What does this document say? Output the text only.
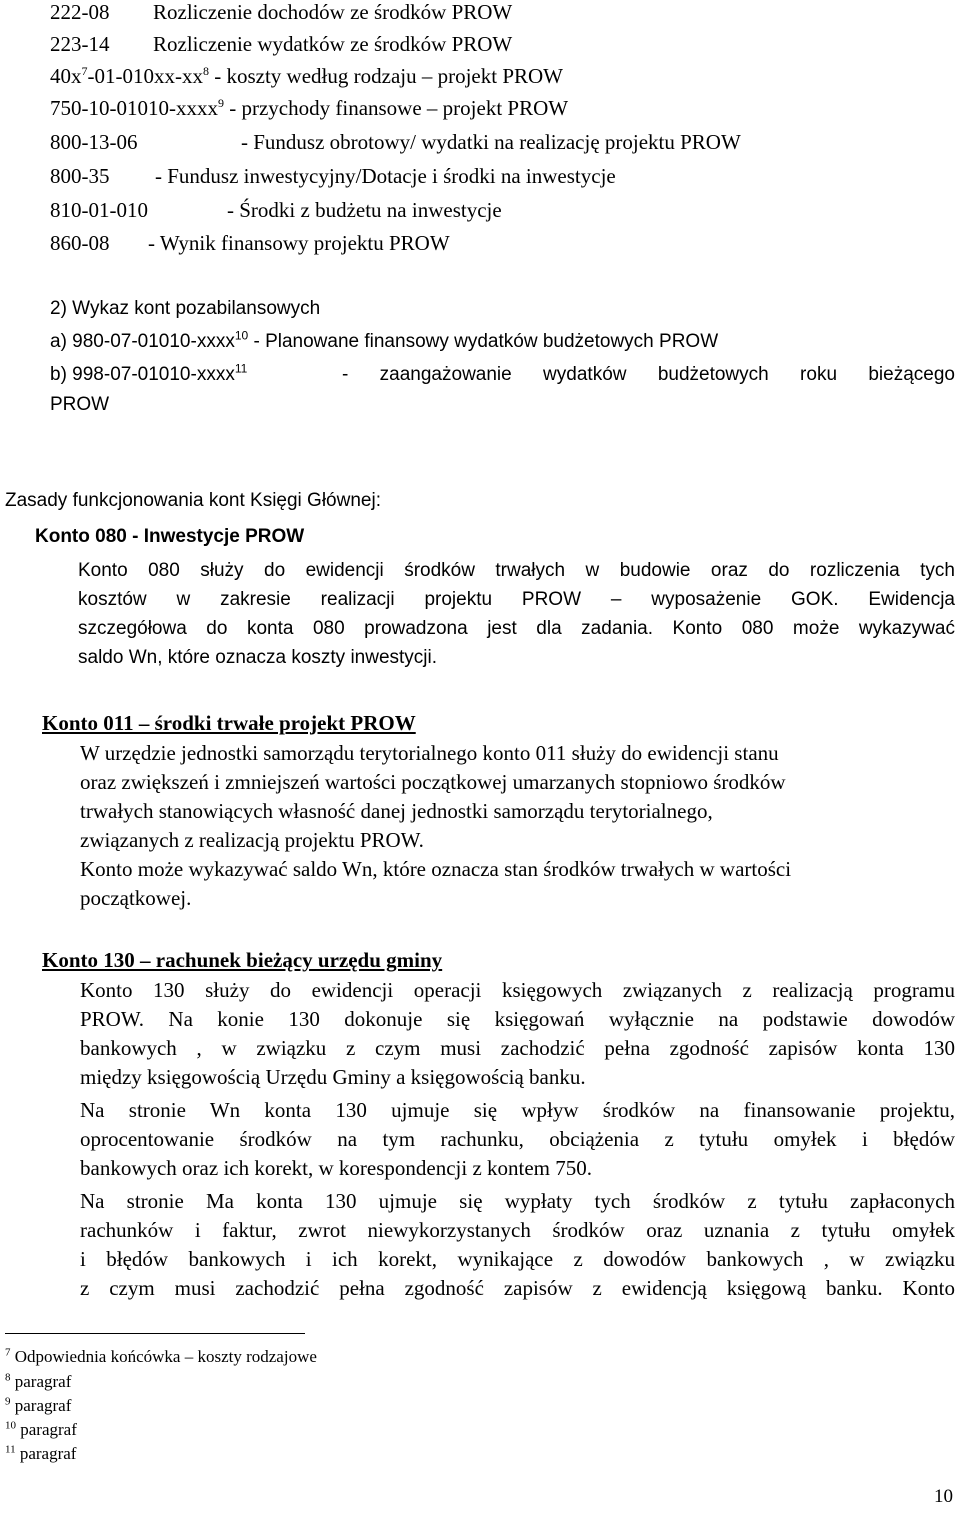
222-08 Rozliczenie dochodów ze środków PROW
223-14 Rozliczenie wydatków ze środków PROW
$40x^7-01-010xx-xx^8$ - koszty według rodzaju – projekt PROW
750-10-01010-xxxx$^9$ - przychody finansowe – projekt PROW
800-13-06	- Fundusz obrotowy/ wydatki na realizację projektu PROW
800-35 - Fundusz inwestycyjny/Dotacje i środki na inwestycje
810-01-010	- Środki z budżetu na inwestycje
860-08 - Wynik finansowy projektu PROW
2) Wykaz kont pozabilansowych
a) 980-07-01010-xxxx$^{10}$ - Planowane finansowy wydatków budżetowych PROW
b) 998-07-01010-xxxx$^{11}$	- zaangażowanie wydatków budżetowych roku bieżącego
PROW
Zasady funkcjonowania kont Księgi Głównej:
Konto 080 - Inwestycje PROW
Konto 080 służy do ewidencji środków trwałych w budowie oraz do rozliczenia tych
kosztów w zakresie realizacji projektu PROW – wyposażenie GOK. Ewidencja
szczegółowa do konta 080 prowadzona jest dla zadania. Konto 080 może wykazywać
saldo Wn, które oznacza koszty inwestycji.
Konto 011 – środki trwałe projekt PROW
W urzędzie jednostki samorządu terytorialnego konto 011 służy do ewidencji stanu
oraz zwiększeń i zmniejszeń wartości początkowej umarzanych stopniowo środków
trwałych stanowiących własność danej jednostki samorządu terytorialnego,
związanych z realizacją projektu PROW.
Konto może wykazywać saldo Wn, które oznacza stan środków trwałych w wartości
początkowej.
Konto 130 – rachunek bieżący urzędu gminy
Konto 130 służy do ewidencji operacji księgowych związanych z realizacją programu
PROW. Na konie 130 dokonuje się księgowań wyłącznie na podstawie dowodów
bankowych , w związku z czym musi zachodzić pełna zgodność zapisów konta 130
między księgowością Urzędu Gminy a księgowością banku.
Na stronie Wn konta 130 ujmuje się wpływ środków na finansowanie projektu,
oprocentowanie środków na tym rachunku, obciążenia z tytułu omyłek i błędów
bankowych oraz ich korekt, w korespondencji z kontem 750.
Na stronie Ma konta 130 ujmuje się wypłaty tych środków z tytułu zapłaconych
rachunków i faktur, zwrot niewykorzystanych środków oraz uznania z tytułu omyłek
i błędów bankowych i ich korekt, wynikające z dowodów bankowych , w związku
z czym musi zachodzić pełna zgodność zapisów z ewidencją księgową banku. Konto
$^7$ Odpowiednia końcówka – koszty rodzajowe
$^8$ paragraf
$^9$ paragraf
$^{10}$ paragraf
$^{11}$ paragraf
10
